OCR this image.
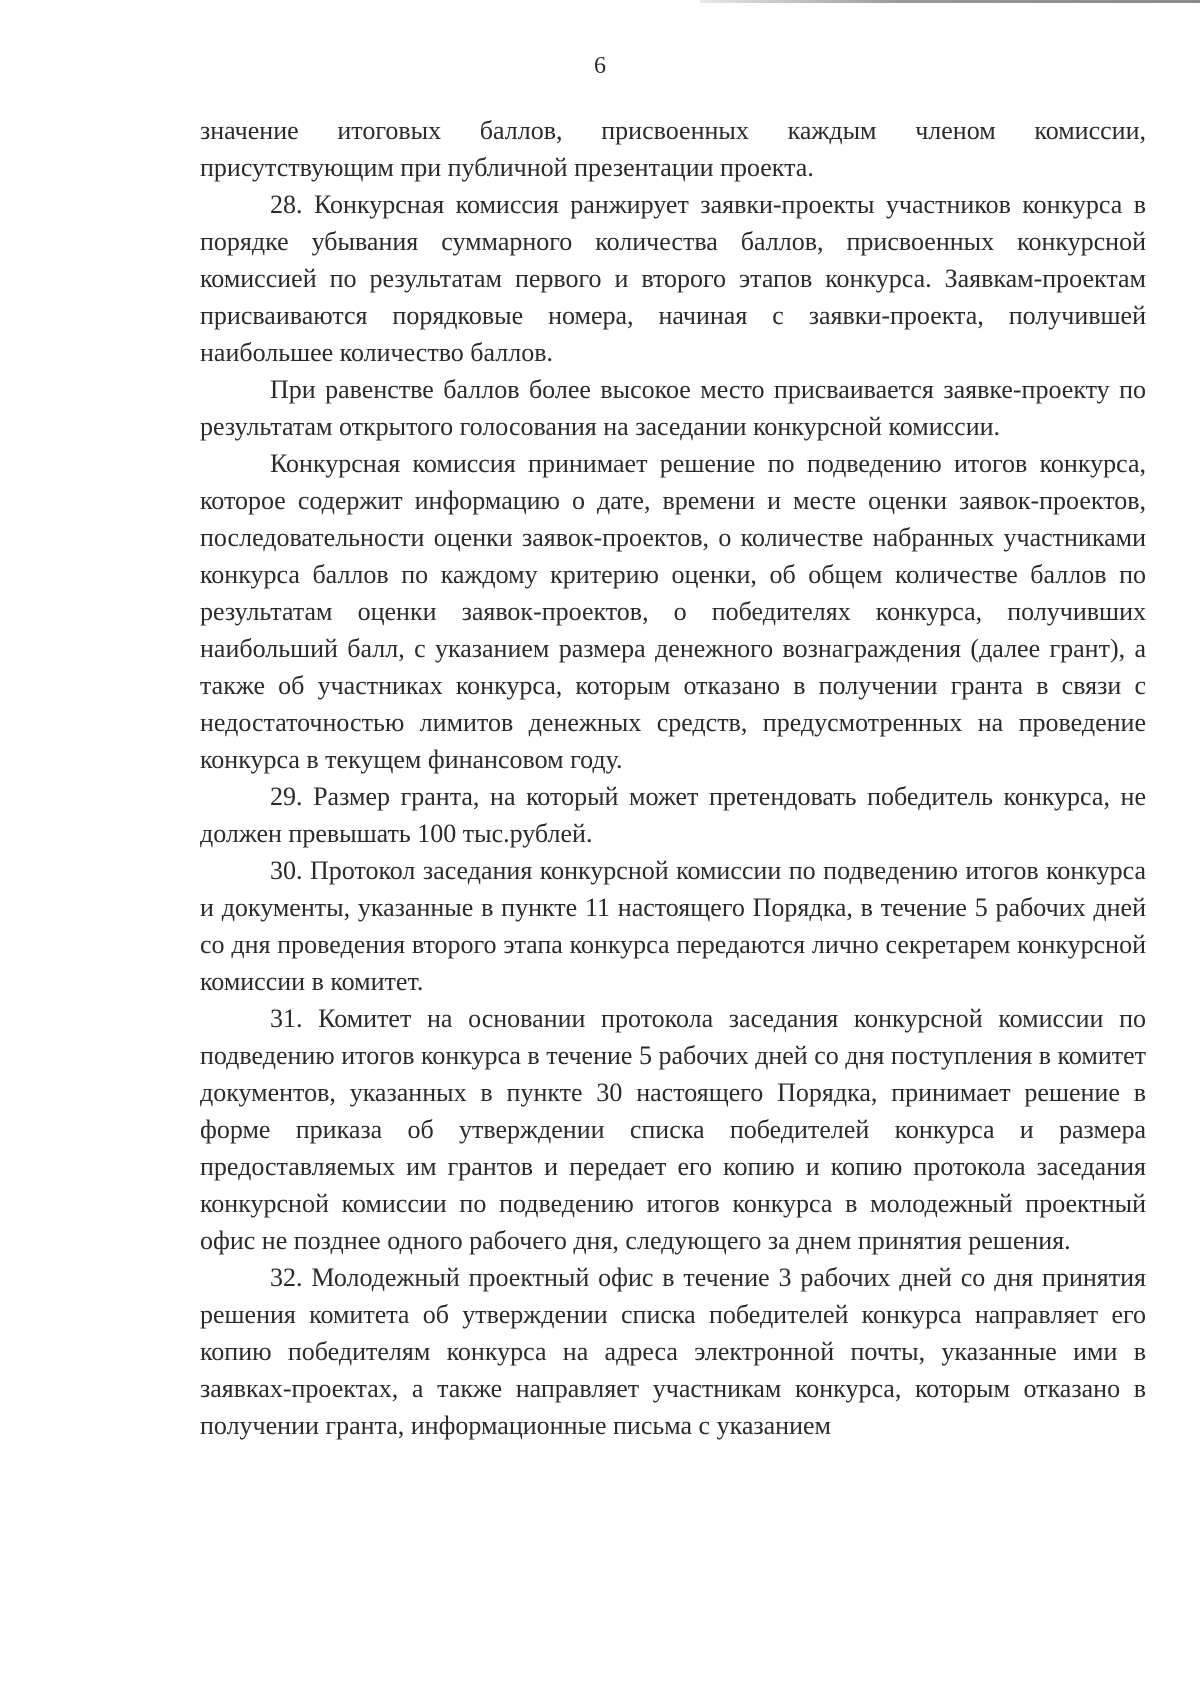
6

значение итоговых баллов, присвоенных каждым членом комиссии, присутствующим при публичной презентации проекта.

28. Конкурсная комиссия ранжирует заявки-проекты участников конкурса в порядке убывания суммарного количества баллов, присвоенных конкурсной комиссией по результатам первого и второго этапов конкурса. Заявкам-проектам присваиваются порядковые номера, начиная с заявки-проекта, получившей наибольшее количество баллов.

При равенстве баллов более высокое место присваивается заявке-проекту по результатам открытого голосования на заседании конкурсной комиссии.

Конкурсная комиссия принимает решение по подведению итогов конкурса, которое содержит информацию о дате, времени и месте оценки заявок-проектов, последовательности оценки заявок-проектов, о количестве набранных участниками конкурса баллов по каждому критерию оценки, об общем количестве баллов по результатам оценки заявок-проектов, о победителях конкурса, получивших наибольший балл, с указанием размера денежного вознаграждения (далее грант), а также об участниках конкурса, которым отказано в получении гранта в связи с недостаточностью лимитов денежных средств, предусмотренных на проведение конкурса в текущем финансовом году.

29. Размер гранта, на который может претендовать победитель конкурса, не должен превышать 100 тыс.рублей.

30. Протокол заседания конкурсной комиссии по подведению итогов конкурса и документы, указанные в пункте 11 настоящего Порядка, в течение 5 рабочих дней со дня проведения второго этапа конкурса передаются лично секретарем конкурсной комиссии в комитет.

31. Комитет на основании протокола заседания конкурсной комиссии по подведению итогов конкурса в течение 5 рабочих дней со дня поступления в комитет документов, указанных в пункте 30 настоящего Порядка, принимает решение в форме приказа об утверждении списка победителей конкурса и размера предоставляемых им грантов и передает его копию и копию протокола заседания конкурсной комиссии по подведению итогов конкурса в молодежный проектный офис не позднее одного рабочего дня, следующего за днем принятия решения.

32. Молодежный проектный офис в течение 3 рабочих дней со дня принятия решения комитета об утверждении списка победителей конкурса направляет его копию победителям конкурса на адреса электронной почты, указанные ими в заявках-проектах, а также направляет участникам конкурса, которым отказано в получении гранта, информационные письма с указанием
